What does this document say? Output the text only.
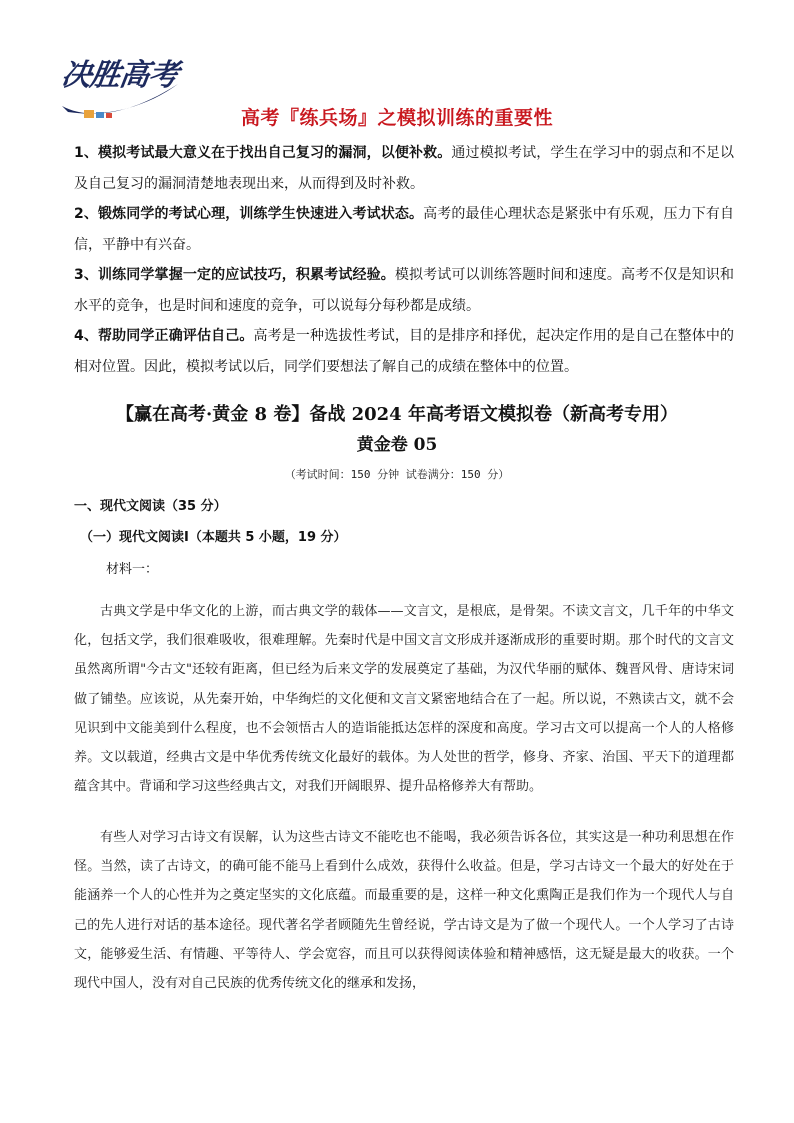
决胜高考
高考『练兵场』之模拟训练的重要性

1、模拟考试最大意义在于找出自己复习的漏洞，以便补救。通过模拟考试，学生在学习中的弱点和不足以及自己复习的漏洞清楚地表现出来，从而得到及时补救。

2、锻炼同学的考试心理，训练学生快速进入考试状态。高考的最佳心理状态是紧张中有乐观，压力下有自信，平静中有兴奋。

3、训练同学掌握一定的应试技巧，积累考试经验。模拟考试可以训练答题时间和速度。高考不仅是知识和水平的竞争，也是时间和速度的竞争，可以说每分每秒都是成绩。

4、帮助同学正确评估自己。高考是一种选拔性考试，目的是排序和择优，起决定作用的是自己在整体中的相对位置。因此，模拟考试以后，同学们要想法了解自己的成绩在整体中的位置。

【赢在高考·黄金 8 卷】备战 2024 年高考语文模拟卷（新高考专用）
黄金卷 05
（考试时间：150 分钟 试卷满分：150 分）
一、现代文阅读（35 分）
（一）现代文阅读Ⅰ（本题共 5 小题，19 分）
材料一：

古典文学是中华文化的上游，而古典文学的载体——文言文，是根底，是骨架。不读文言文，几千年的中华文化，包括文学，我们很难吸收，很难理解。先秦时代是中国文言文形成并逐渐成形的重要时期。那个时代的文言文虽然离所谓"今古文"还较有距离，但已经为后来文学的发展奠定了基础，为汉代华丽的赋体、魏晋风骨、唐诗宋词做了铺垫。应该说，从先秦开始，中华绚烂的文化便和文言文紧密地结合在了一起。所以说，不熟读古文，就不会见识到中文能美到什么程度，也不会领悟古人的造诣能抵达怎样的深度和高度。学习古文可以提高一个人的人格修养。文以载道，经典古文是中华优秀传统文化最好的载体。为人处世的哲学，修身、齐家、治国、平天下的道理都蕴含其中。背诵和学习这些经典古文，对我们开阔眼界、提升品格修养大有帮助。

有些人对学习古诗文有误解，认为这些古诗文不能吃也不能喝，我必须告诉各位，其实这是一种功利思想在作怪。当然，读了古诗文，的确可能不能马上看到什么成效，获得什么收益。但是，学习古诗文一个最大的好处在于能涵养一个人的心性并为之奠定坚实的文化底蕴。而最重要的是，这样一种文化熏陶正是我们作为一个现代人与自己的先人进行对话的基本途径。现代著名学者顾随先生曾经说，学古诗文是为了做一个现代人。一个人学习了古诗文，能够爱生活、有情趣、平等待人、学会宽容，而且可以获得阅读体验和精神感悟，这无疑是最大的收获。一个现代中国人，没有对自己民族的优秀传统文化的继承和发扬，
